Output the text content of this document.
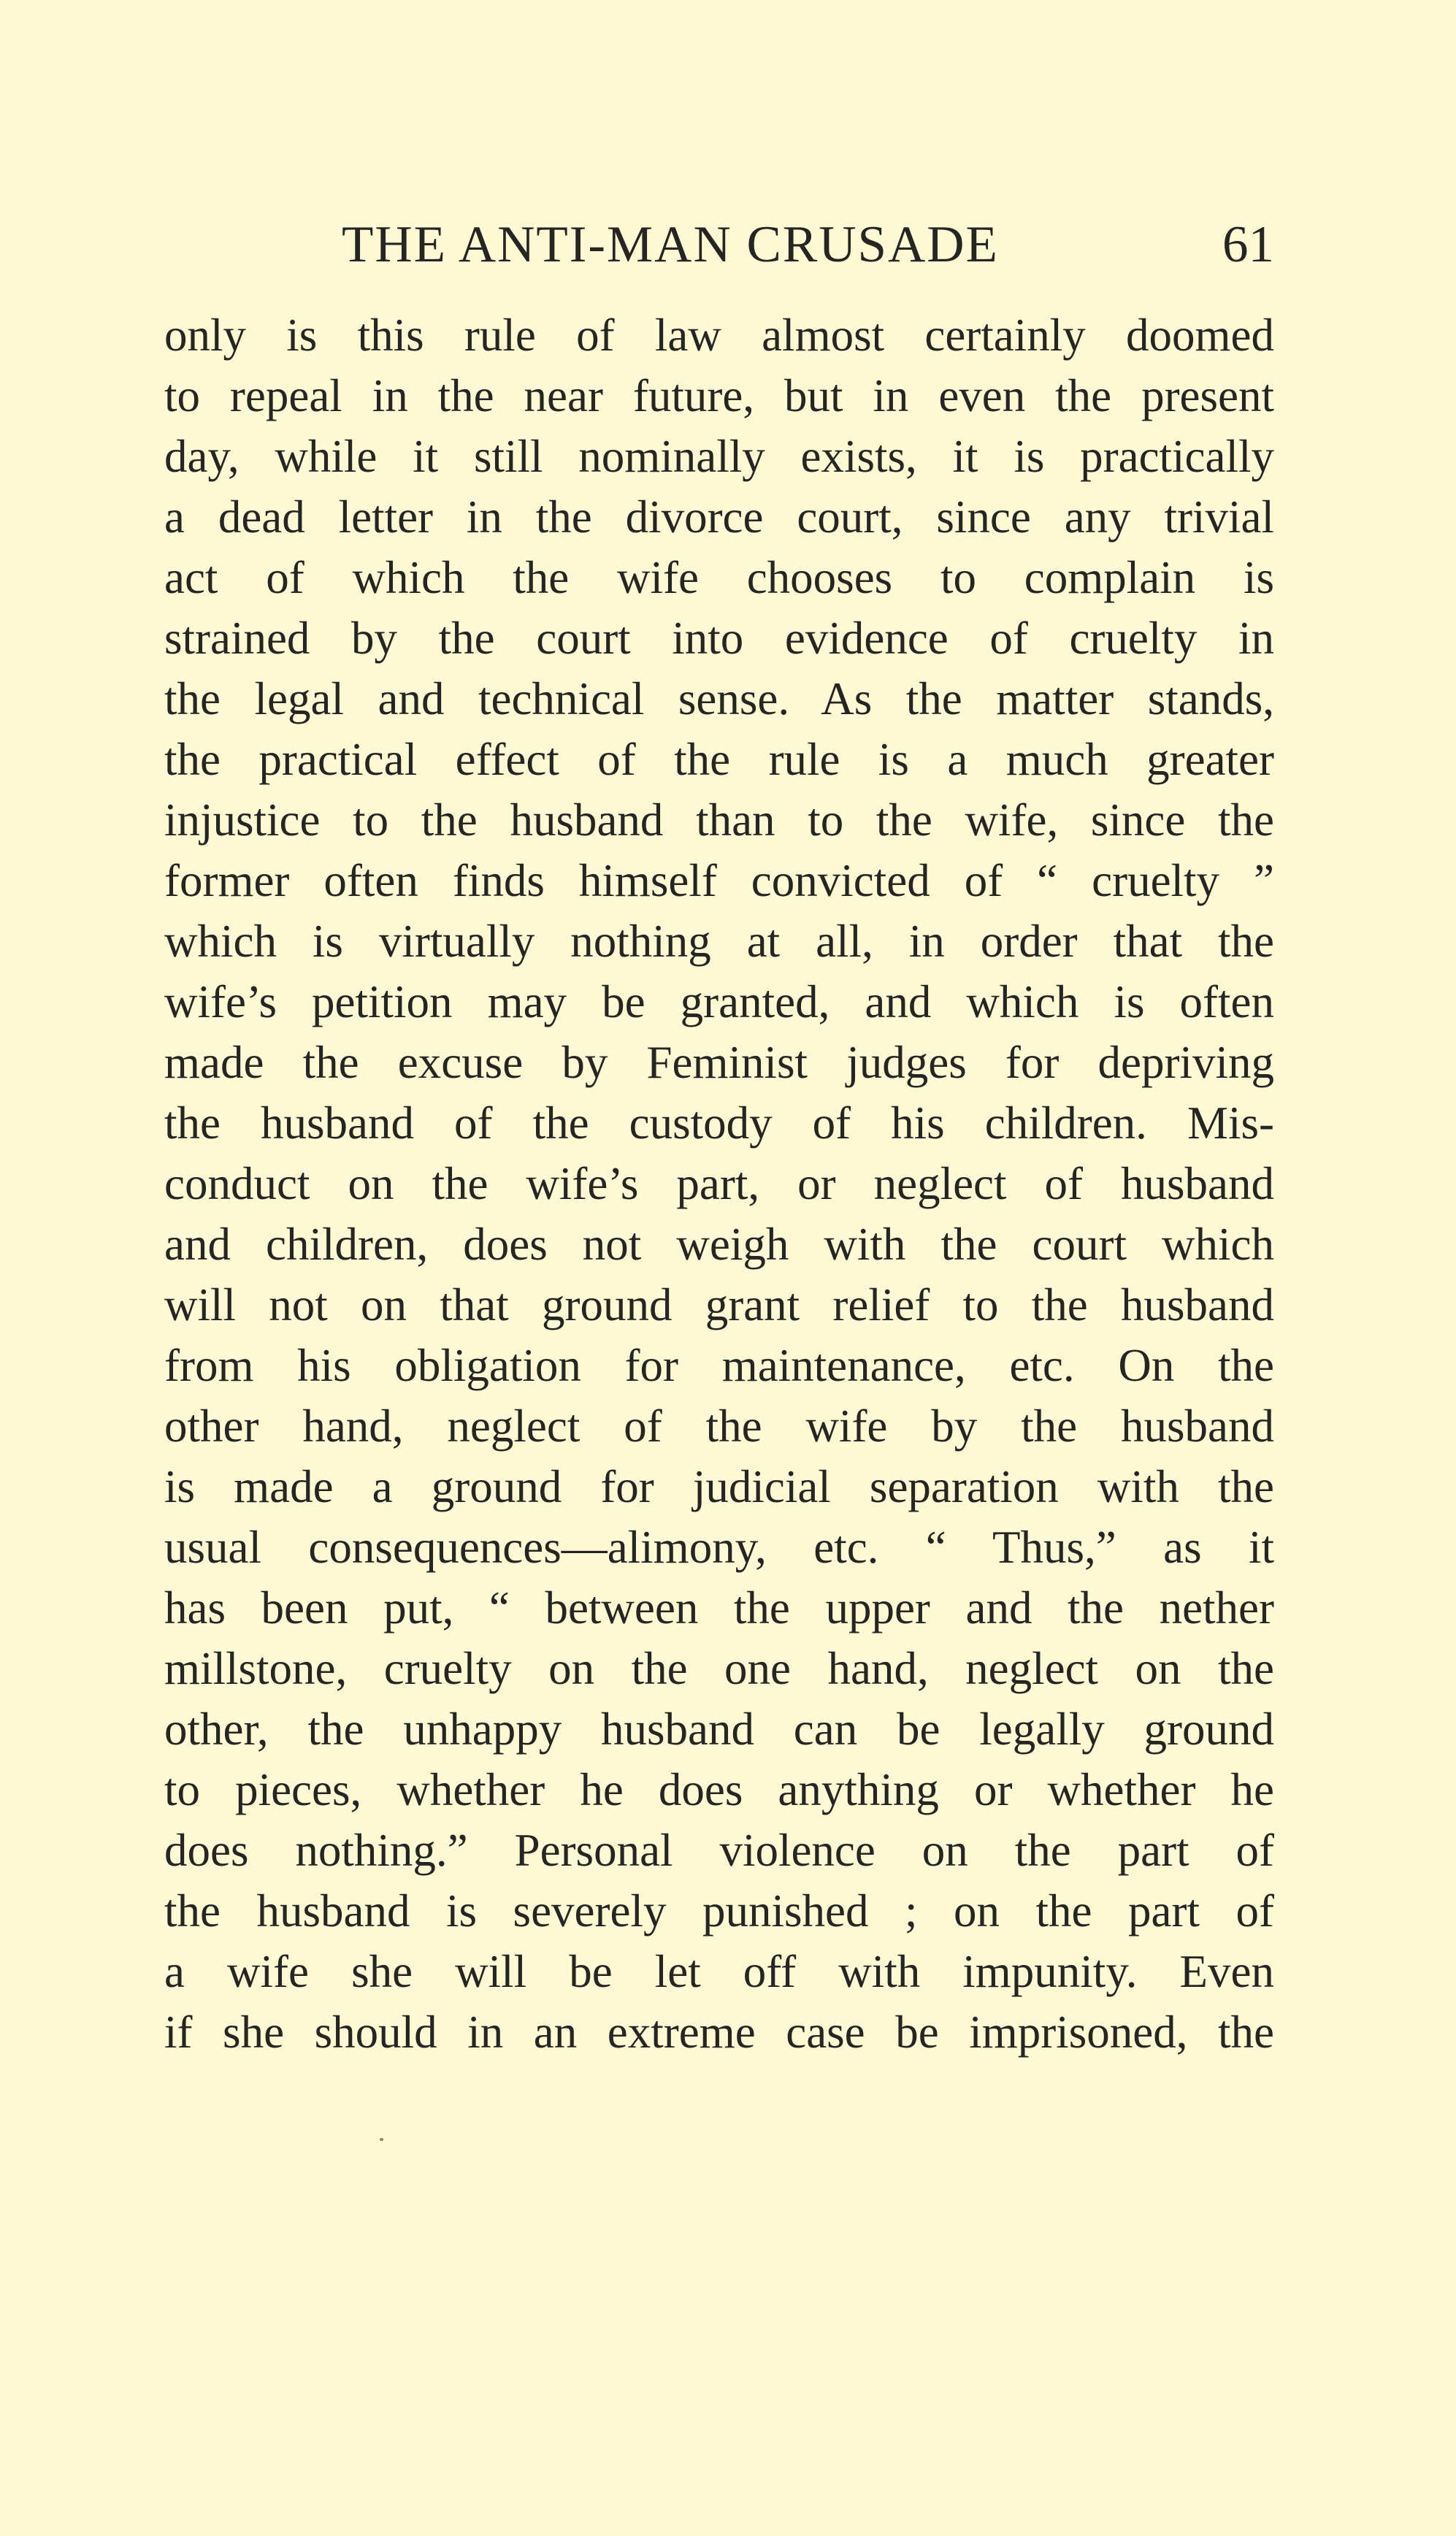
THE ANTI-MAN CRUSADE	61
only is this rule of law almost certainly doomed
to repeal in the near future, but in even the present
day, while it still nominally exists, it is practically
a dead letter in the divorce court, since any trivial
act of which the wife chooses to complain is
strained by the court into evidence of cruelty in
the legal and technical sense. As the matter stands,
the practical effect of the rule is a much greater
injustice to the husband than to the wife, since the
former often finds himself convicted of “ cruelty ”
which is virtually nothing at all, in order that the
wife’s petition may be granted, and which is often
made the excuse by Feminist judges for depriving
the husband of the custody of his children. Mis-
conduct on the wife’s part, or neglect of husband
and children, does not weigh with the court which
will not on that ground grant relief to the husband
from his obligation for maintenance, etc. On the
other hand, neglect of the wife by the husband
is made a ground for judicial separation with the
usual consequences—alimony, etc. “ Thus,” as it
has been put, “ between the upper and the nether
millstone, cruelty on the one hand, neglect on the
other, the unhappy husband can be legally ground
to pieces, whether he does anything or whether he
does nothing.” Personal violence on the part of
the husband is severely punished ; on the part of
a wife she will be let off with impunity. Even
if she should in an extreme case be imprisoned, the
